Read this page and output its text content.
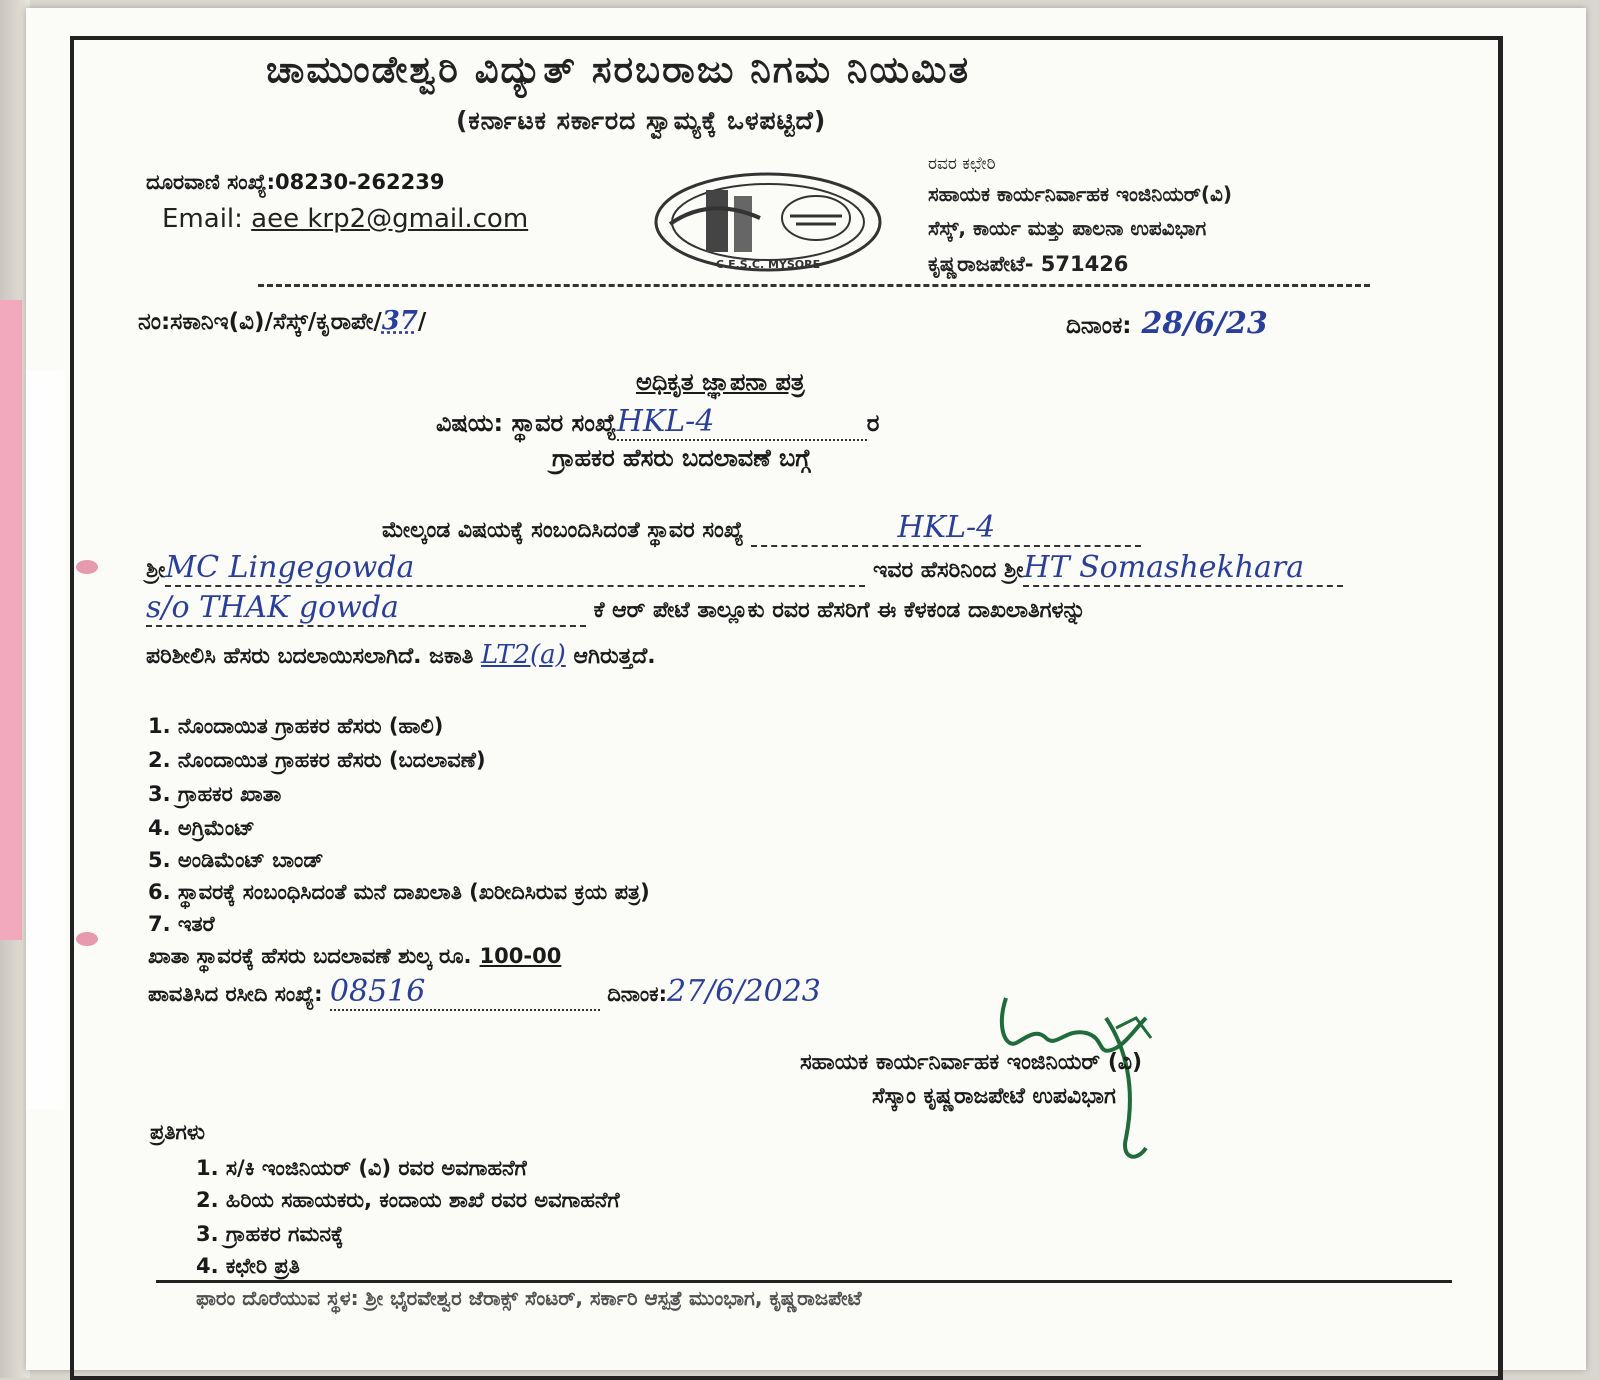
ಚಾಮುಂಡೇಶ್ವರಿ ವಿದ್ಯುತ್ ಸರಬರಾಜು ನಿಗಮ ನಿಯಮಿತ
(ಕರ್ನಾಟಕ ಸರ್ಕಾರದ ಸ್ವಾಮ್ಯಕ್ಕೆ ಒಳಪಟ್ಟಿದೆ)
ದೂರವಾಣಿ ಸಂಖ್ಯೆ:08230-262239
Email: aee krp2@gmail.com
C.E.S.C. MYSORE
ರವರ ಕಛೇರಿ
ಸಹಾಯಕ ಕಾರ್ಯನಿರ್ವಾಹಕ ಇಂಜಿನಿಯರ್(ವಿ)
ಸೆಸ್ಕ್, ಕಾರ್ಯ ಮತ್ತು ಪಾಲನಾ ಉಪವಿಭಾಗ
ಕೃಷ್ಣರಾಜಪೇಟೆ- 571426
ನಂ:ಸಕಾನಿಇ(ವಿ)/ಸೆಸ್ಕ್/ಕೃರಾಪೇ/37/	ದಿನಾಂಕ: 28/6/23
ಅಧಿಕೃತ ಜ್ಞಾಪನಾ ಪತ್ರ
ವಿಷಯ: ಸ್ಥಾವರ ಸಂಖ್ಯೆHKL-4	ರ
ಗ್ರಾಹಕರ ಹೆಸರು ಬದಲಾವಣೆ ಬಗ್ಗೆ
ಮೇಲ್ಕಂಡ ವಿಷಯಕ್ಕೆ ಸಂಬಂದಿಸಿದಂತೆ ಸ್ಥಾವರ ಸಂಖ್ಯೆ	HKL-4
ಶ್ರೀMC Lingegowda	ಇವರ ಹೆಸರಿನಿಂದ ಶ್ರೀHT Somashekhara
s/o THAK gowda	ಕೆ ಆರ್ ಪೇಟೆ ತಾಲ್ಲೂಕು ರವರ ಹೆಸರಿಗೆ ಈ ಕೆಳಕಂಡ ದಾಖಲಾತಿಗಳನ್ನು
ಪರಿಶೀಲಿಸಿ ಹೆಸರು ಬದಲಾಯಿಸಲಾಗಿದೆ. ಜಕಾತಿ LT2(a) ಆಗಿರುತ್ತದೆ.
1. ನೊಂದಾಯಿತ ಗ್ರಾಹಕರ ಹೆಸರು (ಹಾಲಿ)
2. ನೊಂದಾಯಿತ ಗ್ರಾಹಕರ ಹೆಸರು (ಬದಲಾವಣೆ)
3. ಗ್ರಾಹಕರ ಖಾತಾ
4. ಅಗ್ರಿಮೆಂಟ್
5. ಅಂಡಿಮೆಂಟ್ ಬಾಂಡ್
6. ಸ್ಥಾವರಕ್ಕೆ ಸಂಬಂಧಿಸಿದಂತೆ ಮನೆ ದಾಖಲಾತಿ (ಖರೀದಿಸಿರುವ ಕ್ರಯ ಪತ್ರ)
7. ಇತರೆ
ಖಾತಾ ಸ್ಥಾವರಕ್ಕೆ ಹೆಸರು ಬದಲಾವಣೆ ಶುಲ್ಕ ರೂ. 100-00
ಪಾವತಿಸಿದ ರಸೀದಿ ಸಂಖ್ಯೆ: 08516	ದಿನಾಂಕ:27/6/2023
ಸಹಾಯಕ ಕಾರ್ಯನಿರ್ವಾಹಕ ಇಂಜಿನಿಯರ್ (ವಿ)
ಸೆಸ್ಕಾಂ ಕೃಷ್ಣರಾಜಪೇಟೆ ಉಪವಿಭಾಗ
ಪ್ರತಿಗಳು
1. ಸ/ಕಿ ಇಂಜಿನಿಯರ್ (ವಿ) ರವರ ಅವಗಾಹನೆಗೆ
2. ಹಿರಿಯ ಸಹಾಯಕರು, ಕಂದಾಯ ಶಾಖೆ ರವರ ಅವಗಾಹನೆಗೆ
3. ಗ್ರಾಹಕರ ಗಮನಕ್ಕೆ
4. ಕಛೇರಿ ಪ್ರತಿ
ಫಾರಂ ದೊರೆಯುವ ಸ್ಥಳ: ಶ್ರೀ ಭೈರವೇಶ್ವರ ಜೆರಾಕ್ಸ್ ಸೆಂಟರ್, ಸರ್ಕಾರಿ ಆಸ್ಪತ್ರೆ ಮುಂಭಾಗ, ಕೃಷ್ಣರಾಜಪೇಟೆ
